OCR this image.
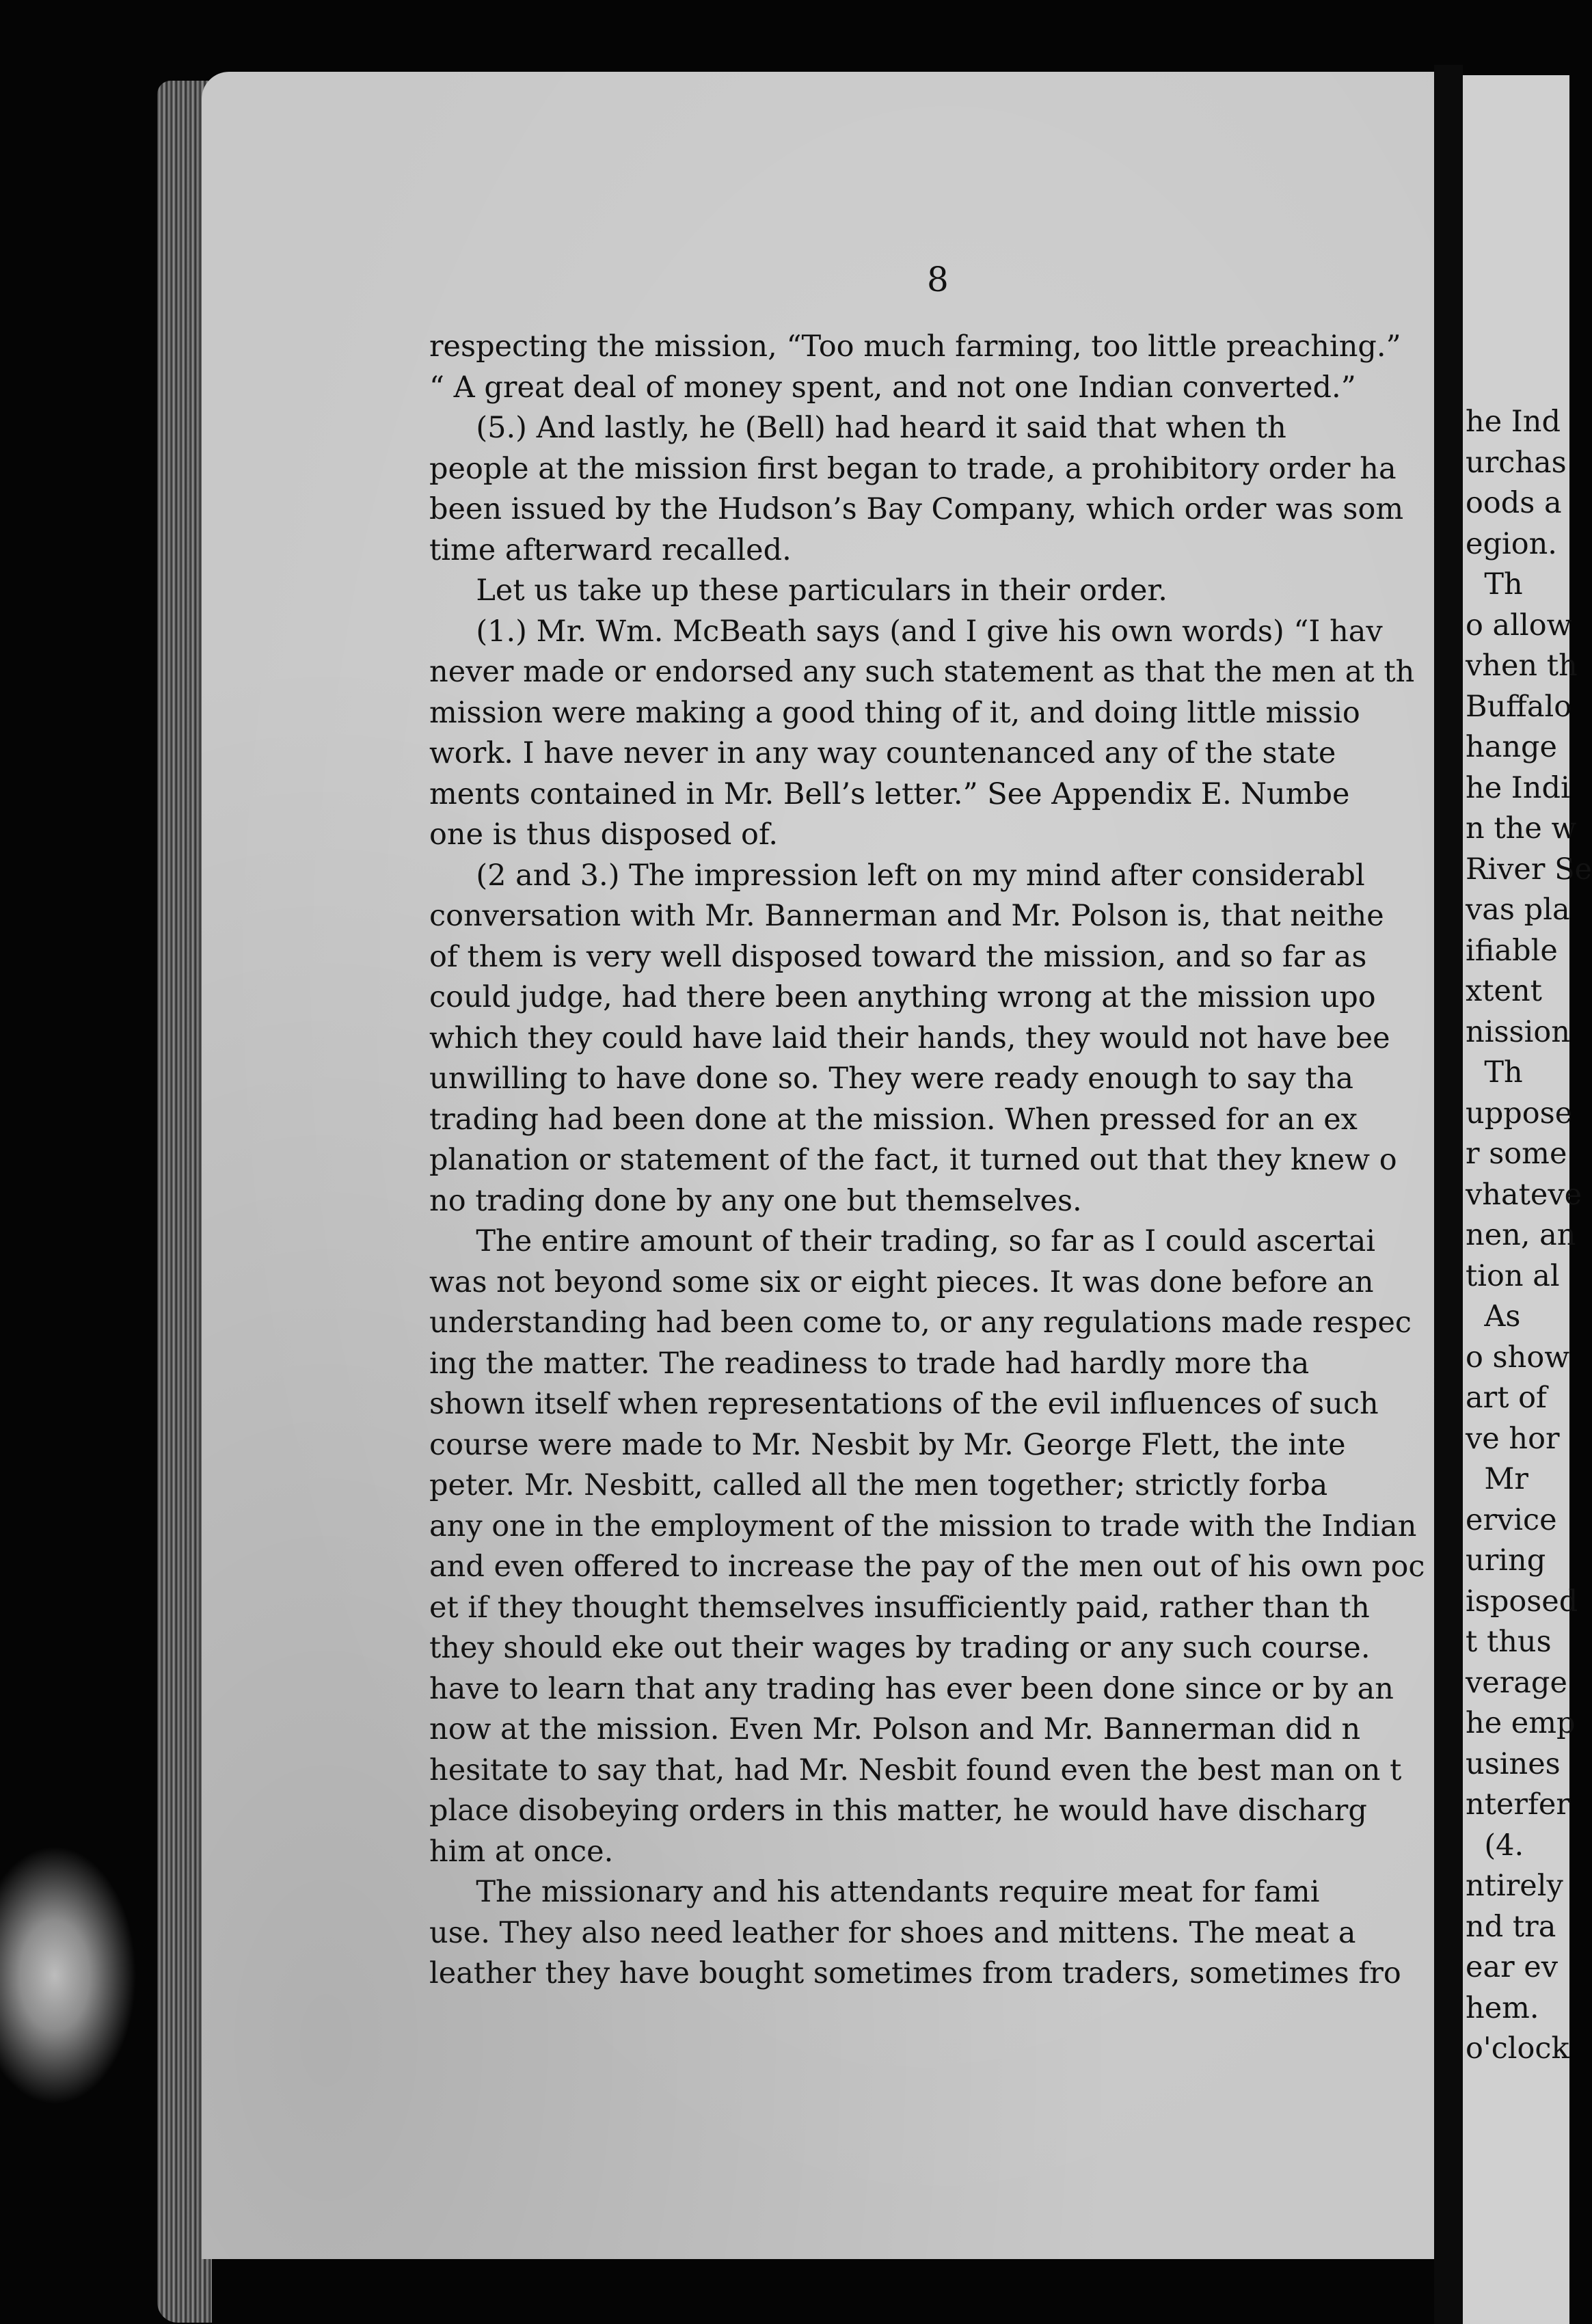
he Ind
urchas
oods a
egion.
Th
o allow
vhen th
Buffalo
hange
he Indi
n the w
River Se
vas pla
ifiable
xtent
nission
Th
uppose
r some
vhateve
nen, an
tion al
As
o show
art of
ve hor
Mr
ervice
uring
isposed
t thus
verage
he emp
usines
nterfer
(4.
ntirely
nd tra
ear ev
hem.
o'clock
8
respecting the mission, “Too much farming, too little preaching.”
“ A great deal of money spent, and not one Indian converted.”
(5.) And lastly, he (Bell) had heard it said that when th
people at the mission first began to trade, a prohibitory order ha
been issued by the Hudson’s Bay Company, which order was som
time afterward recalled.
Let us take up these particulars in their order.
(1.) Mr. Wm. McBeath says (and I give his own words) “I hav
never made or endorsed any such statement as that the men at th
mission were making a good thing of it, and doing little missio
work. I have never in any way countenanced any of the state
ments contained in Mr. Bell’s letter.” See Appendix E. Numbe
one is thus disposed of.
(2 and 3.) The impression left on my mind after considerabl
conversation with Mr. Bannerman and Mr. Polson is, that neithe
of them is very well disposed toward the mission, and so far as
could judge, had there been anything wrong at the mission upo
which they could have laid their hands, they would not have bee
unwilling to have done so. They were ready enough to say tha
trading had been done at the mission. When pressed for an ex
planation or statement of the fact, it turned out that they knew o
no trading done by any one but themselves.
The entire amount of their trading, so far as I could ascertai
was not beyond some six or eight pieces. It was done before an
understanding had been come to, or any regulations made respec
ing the matter. The readiness to trade had hardly more tha
shown itself when representations of the evil influences of such
course were made to Mr. Nesbit by Mr. George Flett, the inte
peter. Mr. Nesbitt, called all the men together; strictly forba
any one in the employment of the mission to trade with the Indian
and even offered to increase the pay of the men out of his own poc
et if they thought themselves insufficiently paid, rather than th
they should eke out their wages by trading or any such course.
have to learn that any trading has ever been done since or by an
now at the mission. Even Mr. Polson and Mr. Bannerman did n
hesitate to say that, had Mr. Nesbit found even the best man on t
place disobeying orders in this matter, he would have discharg
him at once.
The missionary and his attendants require meat for fami
use. They also need leather for shoes and mittens. The meat a
leather they have bought sometimes from traders, sometimes fro
